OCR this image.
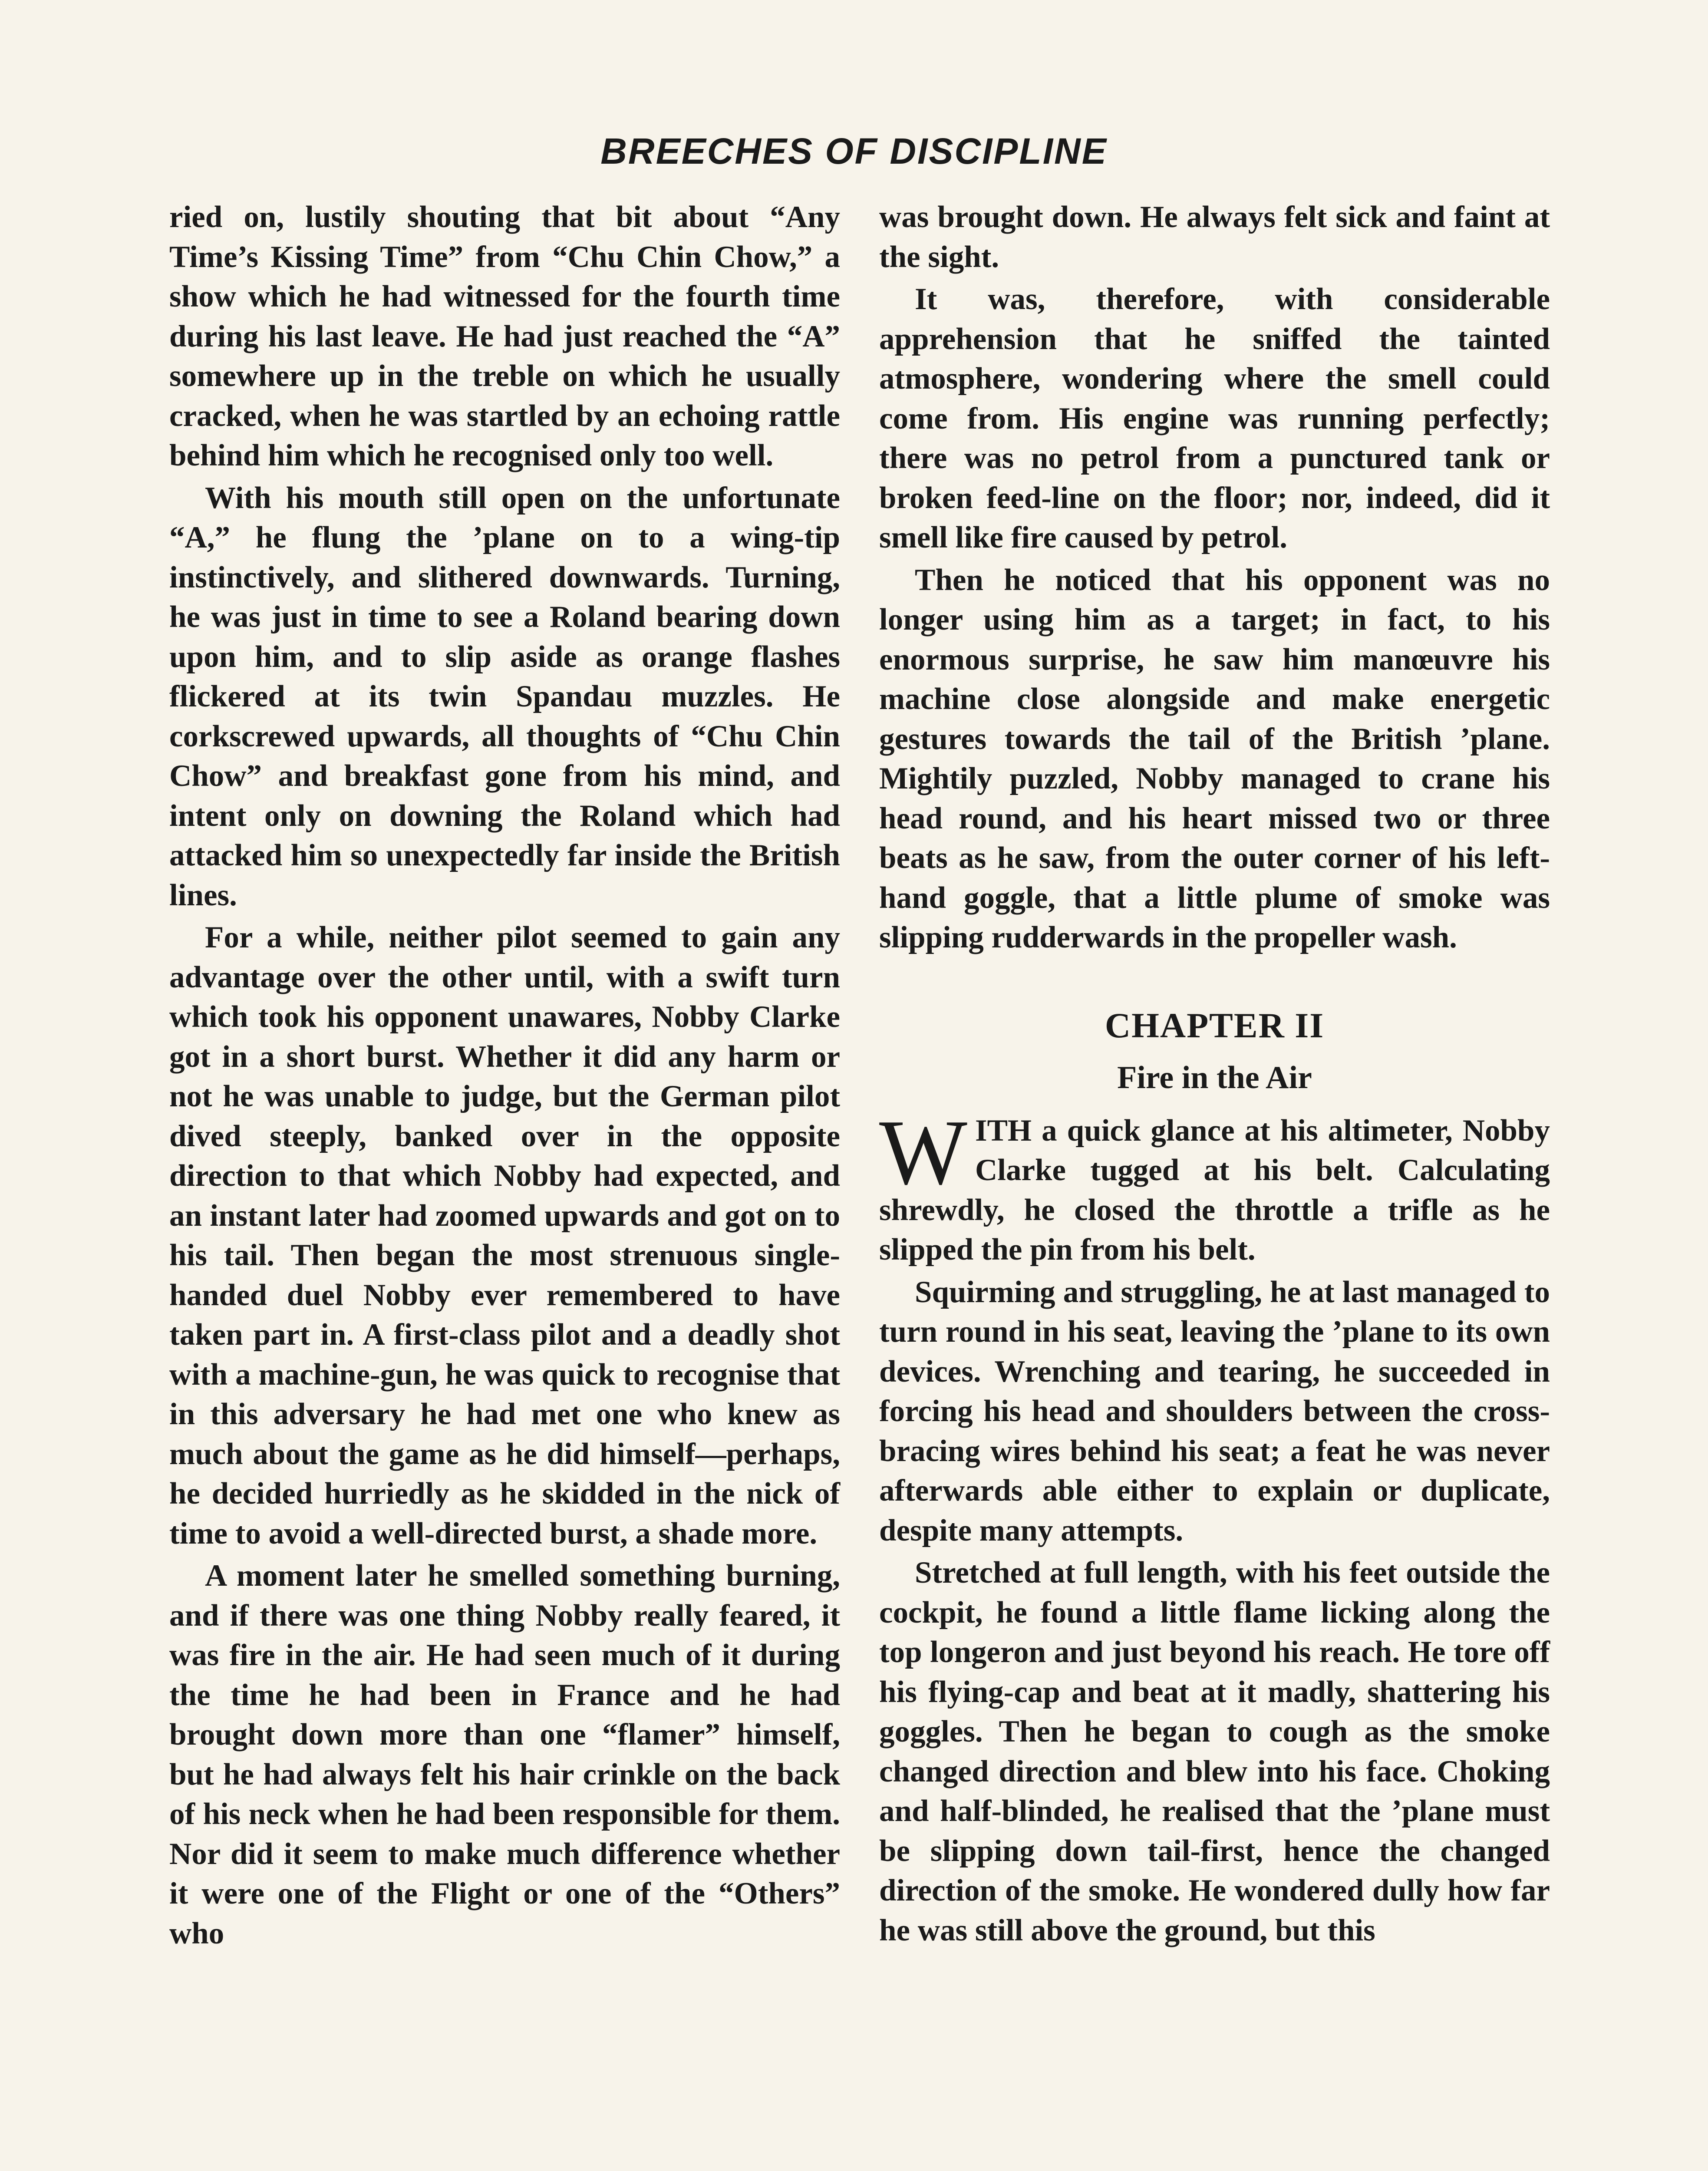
BREECHES OF DISCIPLINE

ried on, lustily shouting that bit about “Any Time’s Kissing Time” from “Chu Chin Chow,” a show which he had witnessed for the fourth time during his last leave. He had just reached the “A” somewhere up in the treble on which he usually cracked, when he was startled by an echoing rattle behind him which he recognised only too well.

With his mouth still open on the unfortunate “A,” he flung the ’plane on to a wing-tip instinctively, and slithered downwards. Turning, he was just in time to see a Roland bearing down upon him, and to slip aside as orange flashes flickered at its twin Spandau muzzles. He corkscrewed upwards, all thoughts of “Chu Chin Chow” and breakfast gone from his mind, and intent only on downing the Roland which had attacked him so unexpectedly far inside the British lines.

For a while, neither pilot seemed to gain any advantage over the other until, with a swift turn which took his opponent unawares, Nobby Clarke got in a short burst. Whether it did any harm or not he was unable to judge, but the German pilot dived steeply, banked over in the opposite direction to that which Nobby had expected, and an instant later had zoomed upwards and got on to his tail. Then began the most strenuous single-handed duel Nobby ever remembered to have taken part in. A first-class pilot and a deadly shot with a machine-gun, he was quick to recognise that in this adversary he had met one who knew as much about the game as he did himself—perhaps, he decided hurriedly as he skidded in the nick of time to avoid a well-directed burst, a shade more.

A moment later he smelled something burning, and if there was one thing Nobby really feared, it was fire in the air. He had seen much of it during the time he had been in France and he had brought down more than one “flamer” himself, but he had always felt his hair crinkle on the back of his neck when he had been responsible for them. Nor did it seem to make much difference whether it were one of the Flight or one of the “Others” who

was brought down. He always felt sick and faint at the sight.

It was, therefore, with considerable apprehension that he sniffed the tainted atmosphere, wondering where the smell could come from. His engine was running perfectly; there was no petrol from a punctured tank or broken feed-line on the floor; nor, indeed, did it smell like fire caused by petrol.

Then he noticed that his opponent was no longer using him as a target; in fact, to his enormous surprise, he saw him manœuvre his machine close alongside and make energetic gestures towards the tail of the British ’plane. Mightily puzzled, Nobby managed to crane his head round, and his heart missed two or three beats as he saw, from the outer corner of his left-hand goggle, that a little plume of smoke was slipping rudderwards in the propeller wash.

CHAPTER II
Fire in the Air

WITH a quick glance at his altimeter, Nobby Clarke tugged at his belt. Calculating shrewdly, he closed the throttle a trifle as he slipped the pin from his belt.

Squirming and struggling, he at last managed to turn round in his seat, leaving the ’plane to its own devices. Wrenching and tearing, he succeeded in forcing his head and shoulders between the cross-bracing wires behind his seat; a feat he was never afterwards able either to explain or duplicate, despite many attempts.

Stretched at full length, with his feet outside the cockpit, he found a little flame licking along the top longeron and just beyond his reach. He tore off his flying-cap and beat at it madly, shattering his goggles. Then he began to cough as the smoke changed direction and blew into his face. Choking and half-blinded, he realised that the ’plane must be slipping down tail-first, hence the changed direction of the smoke. He wondered dully how far he was still above the ground, but this
